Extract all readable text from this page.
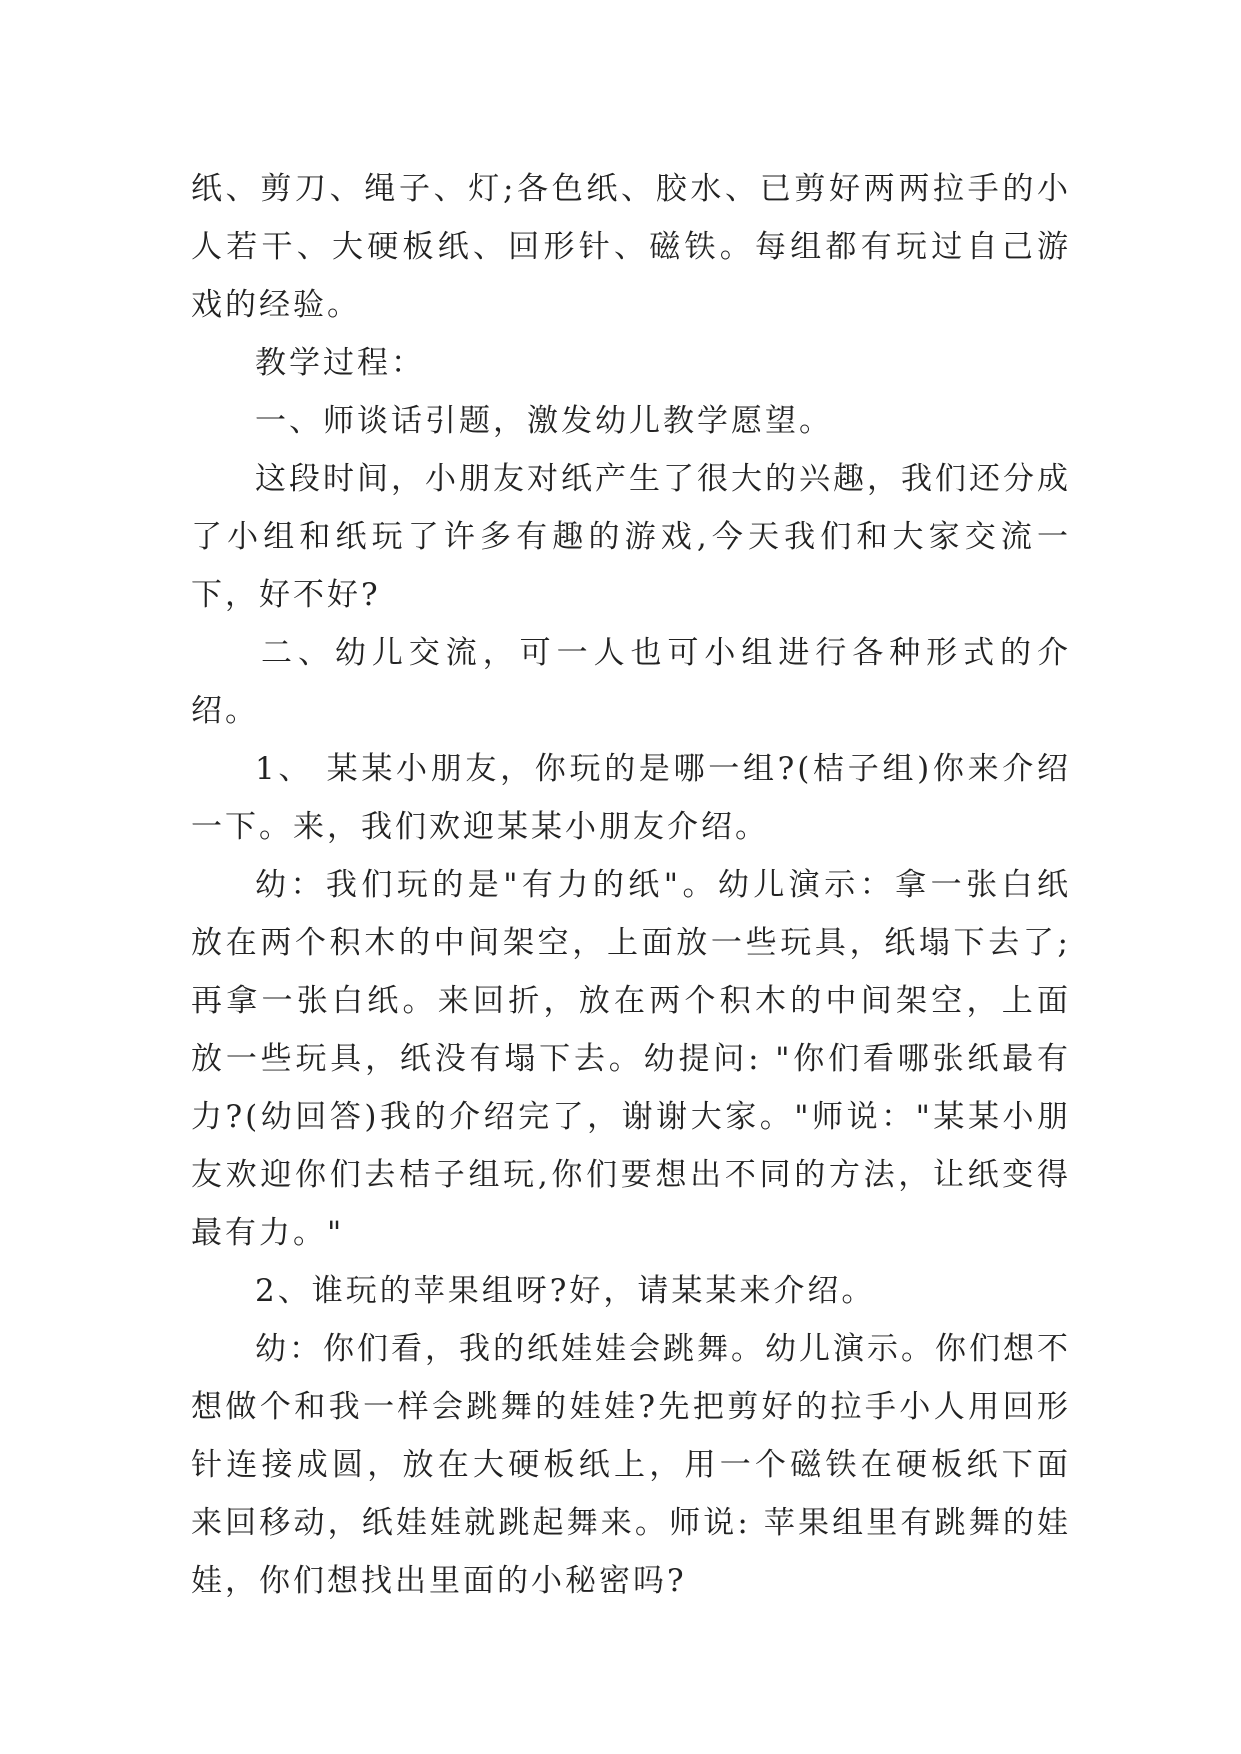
纸、剪刀、绳子、灯;各色纸、胶水、已剪好两两拉手的小人若干、大硬板纸、回形针、磁铁。每组都有玩过自己游戏的经验。

教学过程：

一、师谈话引题，激发幼儿教学愿望。

这段时间，小朋友对纸产生了很大的兴趣，我们还分成了小组和纸玩了许多有趣的游戏,今天我们和大家交流一下，好不好?

二、幼儿交流，可一人也可小组进行各种形式的介绍。

1、 某某小朋友，你玩的是哪一组?(桔子组)你来介绍一下。来，我们欢迎某某小朋友介绍。

幼：我们玩的是"有力的纸"。幼儿演示：拿一张白纸放在两个积木的中间架空，上面放一些玩具，纸塌下去了;再拿一张白纸。来回折，放在两个积木的中间架空，上面放一些玩具，纸没有塌下去。幼提问: "你们看哪张纸最有力?(幼回答)我的介绍完了，谢谢大家。"师说："某某小朋友欢迎你们去桔子组玩,你们要想出不同的方法，让纸变得最有力。"

2、谁玩的苹果组呀?好，请某某来介绍。

幼：你们看，我的纸娃娃会跳舞。幼儿演示。你们想不想做个和我一样会跳舞的娃娃?先把剪好的拉手小人用回形针连接成圆，放在大硬板纸上，用一个磁铁在硬板纸下面来回移动，纸娃娃就跳起舞来。师说: 苹果组里有跳舞的娃娃，你们想找出里面的小秘密吗?
